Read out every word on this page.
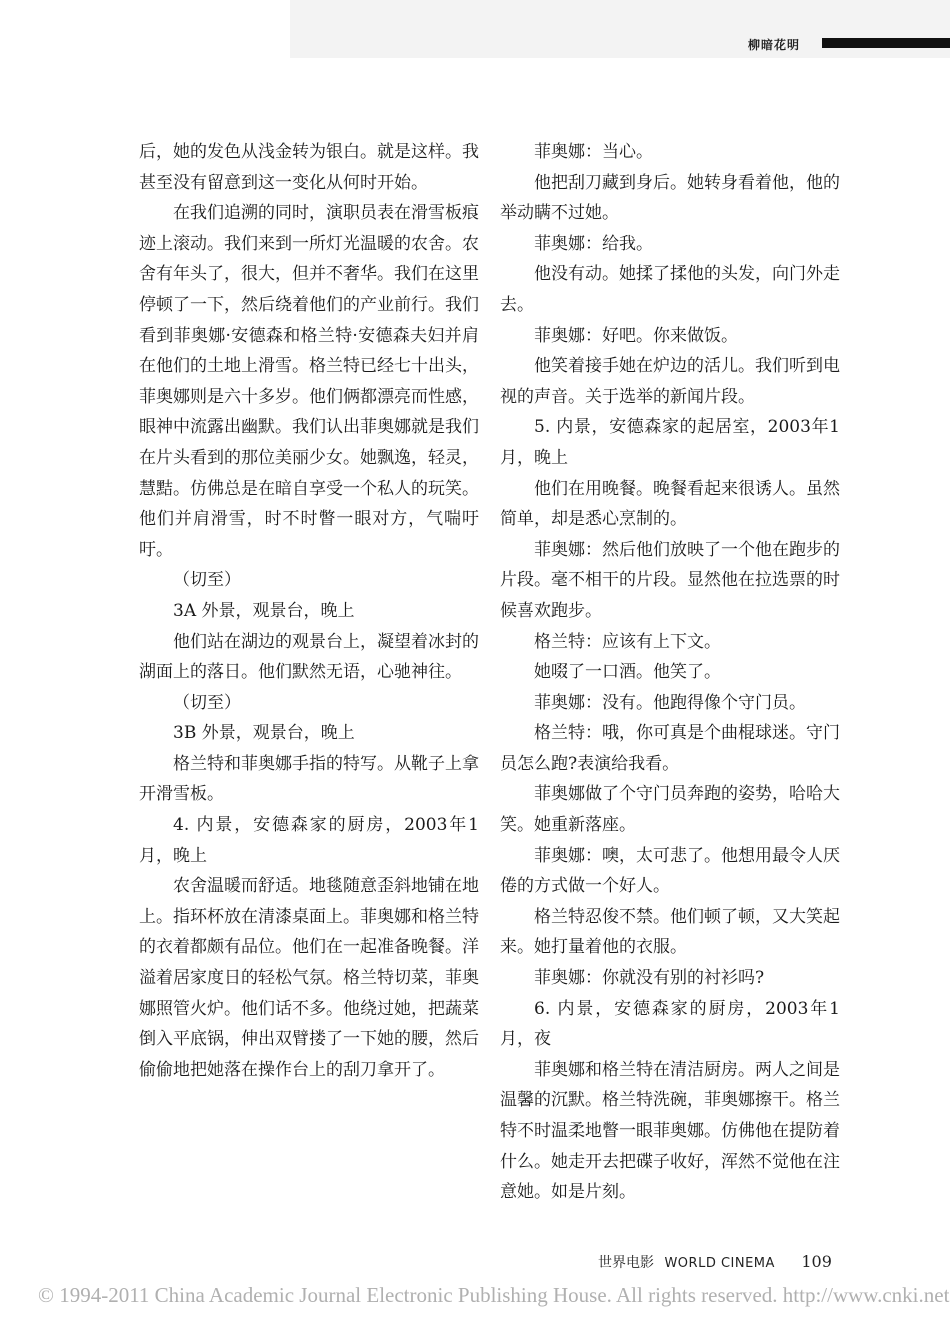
柳暗花明

后，她的发色从浅金转为银白。就是这样。我甚至没有留意到这一变化从何时开始。

在我们追溯的同时，演职员表在滑雪板痕迹上滚动。我们来到一所灯光温暖的农舍。农舍有年头了，很大，但并不奢华。我们在这里停顿了一下，然后绕着他们的产业前行。我们看到菲奥娜·安德森和格兰特·安德森夫妇并肩在他们的土地上滑雪。格兰特已经七十出头，菲奥娜则是六十多岁。他们俩都漂亮而性感，眼神中流露出幽默。我们认出菲奥娜就是我们在片头看到的那位美丽少女。她飘逸，轻灵，慧黠。仿佛总是在暗自享受一个私人的玩笑。他们并肩滑雪，时不时瞥一眼对方，气喘吁吁。

（切至）

3A 外景，观景台，晚上

他们站在湖边的观景台上，凝望着冰封的湖面上的落日。他们默然无语，心驰神往。

（切至）

3B 外景，观景台，晚上

格兰特和菲奥娜手指的特写。从靴子上拿开滑雪板。

4. 内景，安德森家的厨房，2003年1月，晚上

农舍温暖而舒适。地毯随意歪斜地铺在地上。指环杯放在清漆桌面上。菲奥娜和格兰特的衣着都颇有品位。他们在一起准备晚餐。洋溢着居家度日的轻松气氛。格兰特切菜，菲奥娜照管火炉。他们话不多。他绕过她，把蔬菜倒入平底锅，伸出双臂搂了一下她的腰，然后偷偷地把她落在操作台上的刮刀拿开了。

菲奥娜：当心。

他把刮刀藏到身后。她转身看着他，他的举动瞒不过她。

菲奥娜：给我。

他没有动。她揉了揉他的头发，向门外走去。

菲奥娜：好吧。你来做饭。

他笑着接手她在炉边的活儿。我们听到电视的声音。关于选举的新闻片段。

5. 内景，安德森家的起居室，2003年1月，晚上

他们在用晚餐。晚餐看起来很诱人。虽然简单，却是悉心烹制的。

菲奥娜：然后他们放映了一个他在跑步的片段。毫不相干的片段。显然他在拉选票的时候喜欢跑步。

格兰特：应该有上下文。

她啜了一口酒。他笑了。

菲奥娜：没有。他跑得像个守门员。

格兰特：哦，你可真是个曲棍球迷。守门员怎么跑?表演给我看。

菲奥娜做了个守门员奔跑的姿势，哈哈大笑。她重新落座。

菲奥娜：噢，太可悲了。他想用最令人厌倦的方式做一个好人。

格兰特忍俊不禁。他们顿了顿，又大笑起来。她打量着他的衣服。

菲奥娜：你就没有别的衬衫吗?

6. 内景，安德森家的厨房，2003年1月，夜

菲奥娜和格兰特在清洁厨房。两人之间是温馨的沉默。格兰特洗碗，菲奥娜擦干。格兰特不时温柔地瞥一眼菲奥娜。仿佛他在提防着什么。她走开去把碟子收好，浑然不觉他在注意她。如是片刻。

世界电影 WORLD CINEMA 109
© 1994-2011 China Academic Journal Electronic Publishing House. All rights reserved. http://www.cnki.net
